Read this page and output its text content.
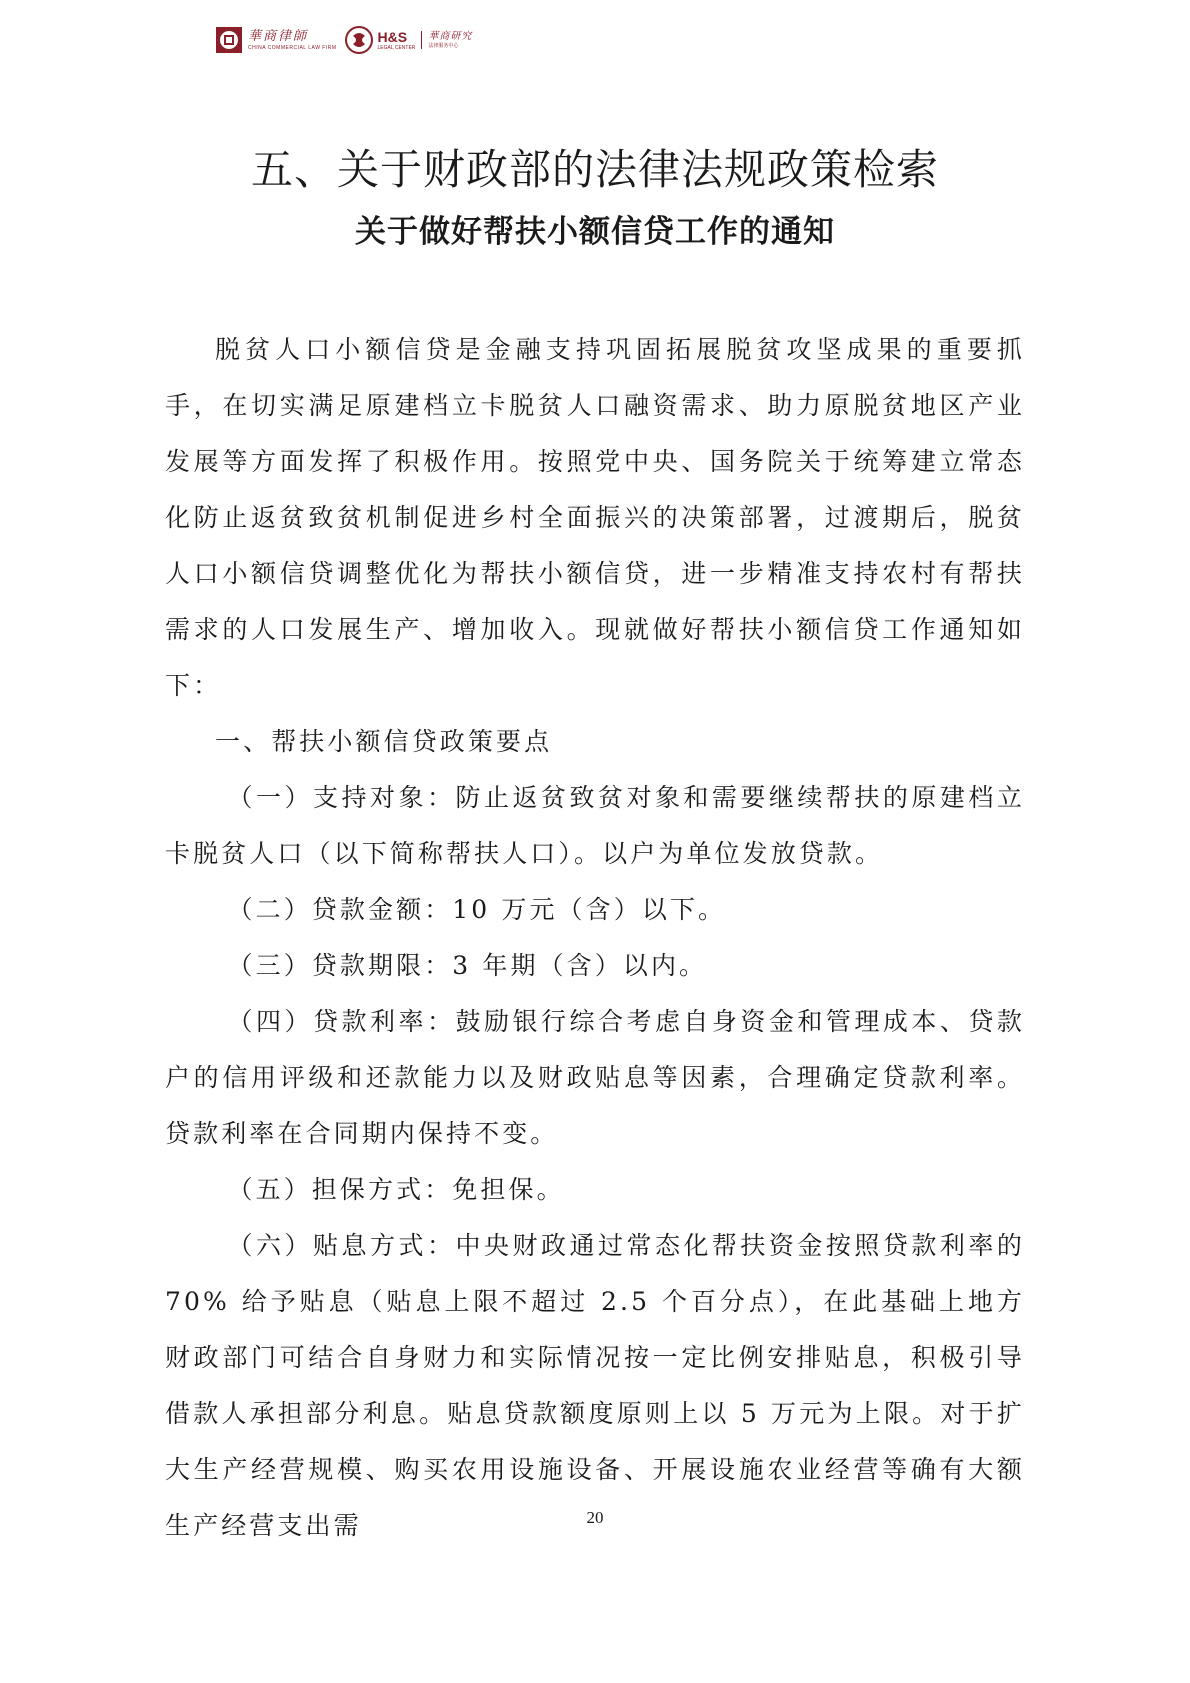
華商律師
CHINA COMMERCIAL LAW FIRM
H&S
LEGAL CENTER
華商研究
法律服务中心
五、关于财政部的法律法规政策检索
关于做好帮扶小额信贷工作的通知

脱贫人口小额信贷是金融支持巩固拓展脱贫攻坚成果的重要抓手，在切实满足原建档立卡脱贫人口融资需求、助力原脱贫地区产业发展等方面发挥了积极作用。按照党中央、国务院关于统筹建立常态化防止返贫致贫机制促进乡村全面振兴的决策部署，过渡期后，脱贫人口小额信贷调整优化为帮扶小额信贷，进一步精准支持农村有帮扶需求的人口发展生产、增加收入。现就做好帮扶小额信贷工作通知如下：

一、帮扶小额信贷政策要点

（一）支持对象：防止返贫致贫对象和需要继续帮扶的原建档立卡脱贫人口（以下简称帮扶人口）。以户为单位发放贷款。

（二）贷款金额：10 万元（含）以下。

（三）贷款期限：3 年期（含）以内。

（四）贷款利率：鼓励银行综合考虑自身资金和管理成本、贷款户的信用评级和还款能力以及财政贴息等因素，合理确定贷款利率。贷款利率在合同期内保持不变。

（五）担保方式：免担保。

（六）贴息方式：中央财政通过常态化帮扶资金按照贷款利率的 70% 给予贴息（贴息上限不超过 2.5 个百分点），在此基础上地方财政部门可结合自身财力和实际情况按一定比例安排贴息，积极引导借款人承担部分利息。贴息贷款额度原则上以 5 万元为上限。对于扩大生产经营规模、购买农用设施设备、开展设施农业经营等确有大额生产经营支出需	20
